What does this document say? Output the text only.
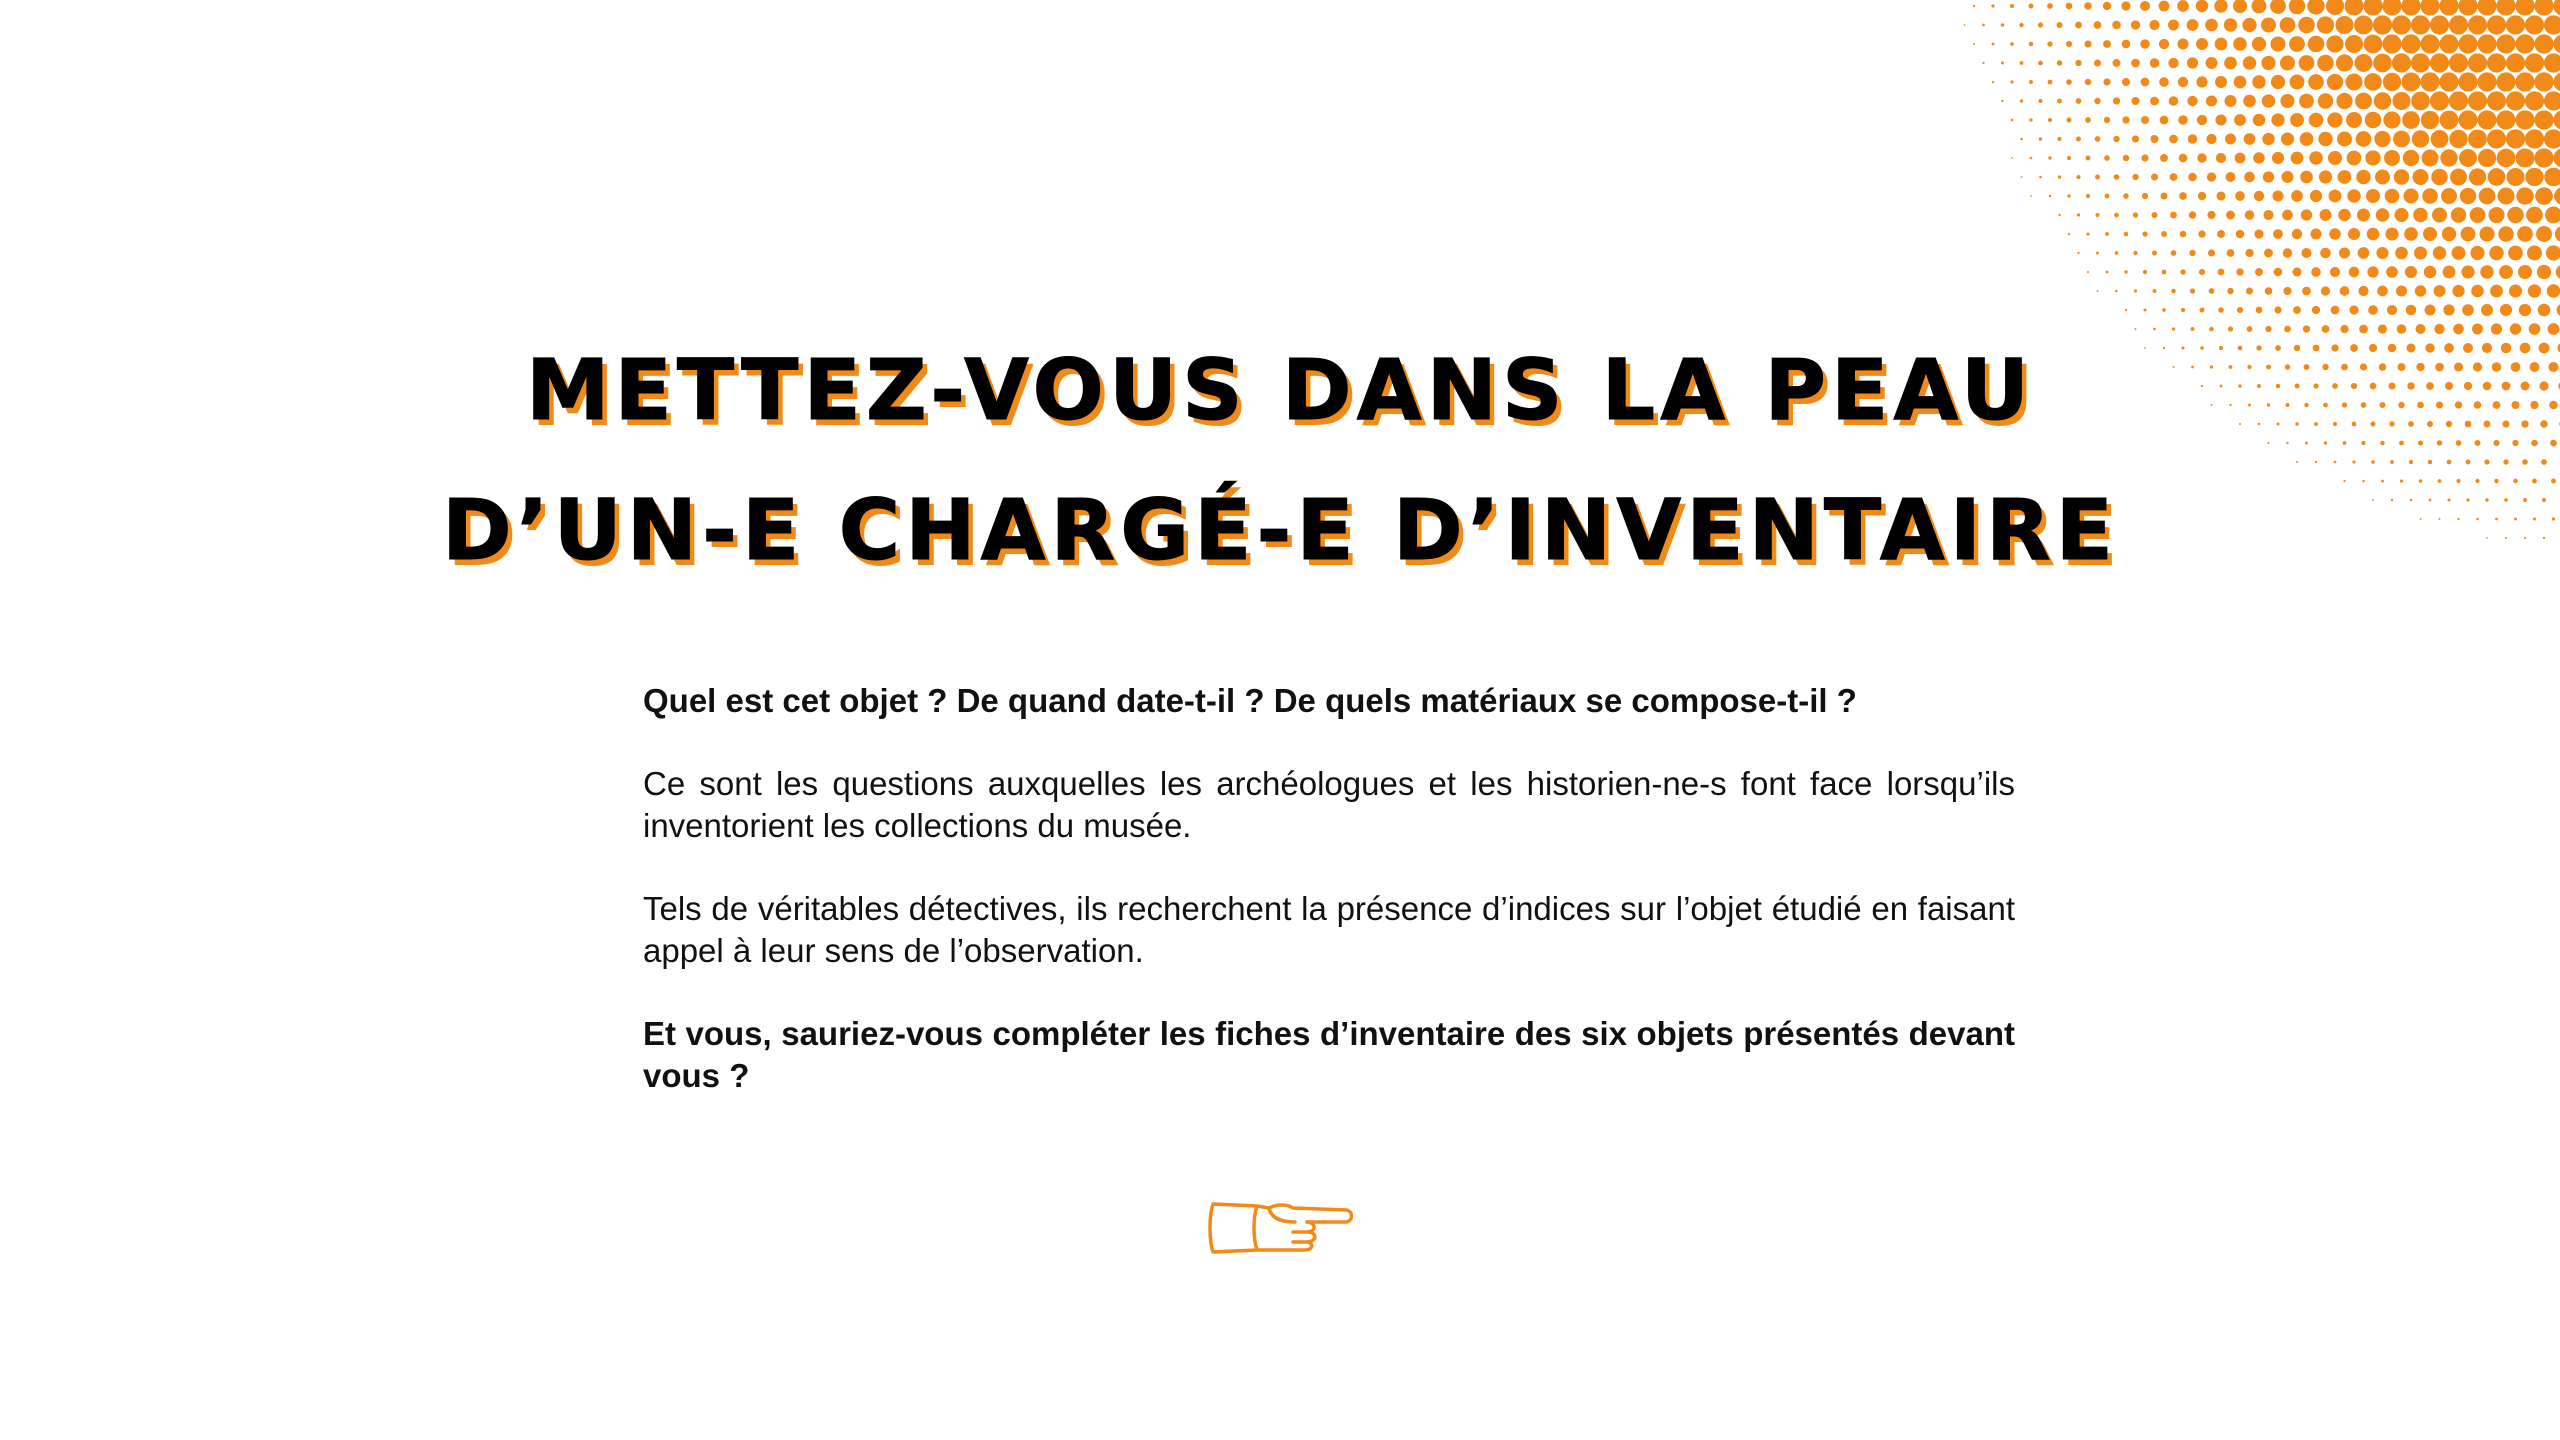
METTEZ-VOUS DANS LA PEAU
D’UN-E CHARGÉ-E D’INVENTAIRE

Quel est cet objet ? De quand date-t-il ? De quels matériaux se compose-t-il ?

Ce sont les questions auxquelles les archéologues et les historien-ne-s font face lorsqu’ils inventorient les collections du musée.

Tels de véritables détectives, ils recherchent la présence d’indices sur l’objet étudié en faisant appel à leur sens de l’observation.

Et vous, sauriez-vous compléter les fiches d’inventaire des six objets présentés devant vous ?
